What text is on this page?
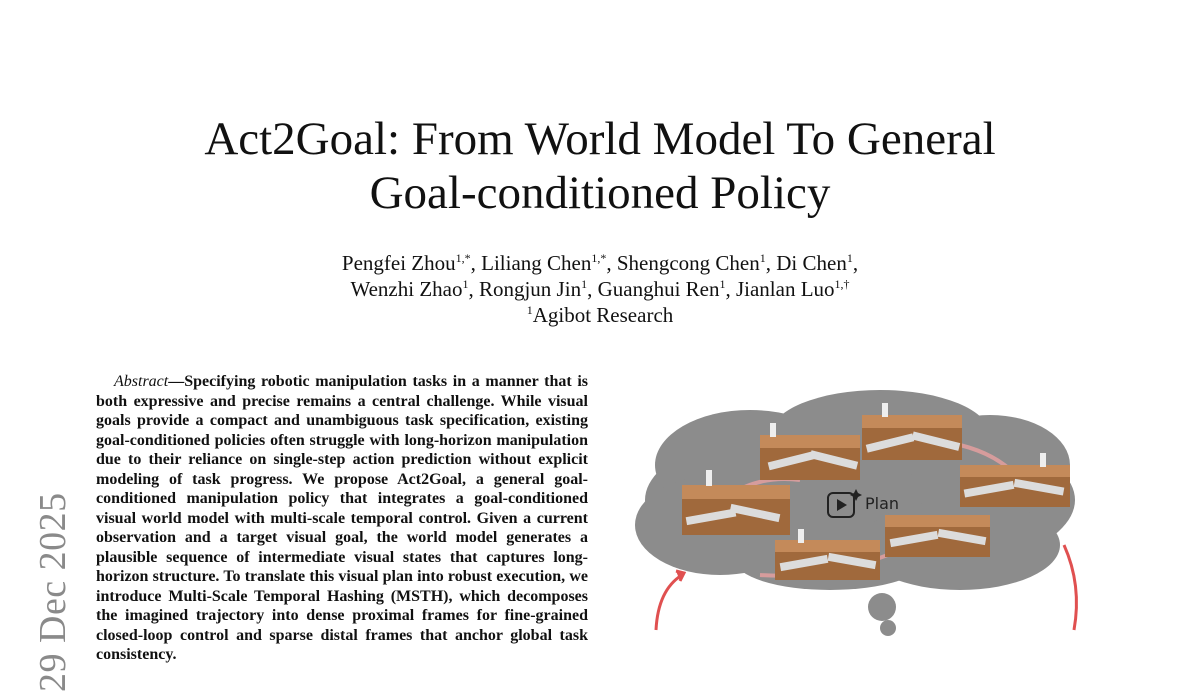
29 Dec 2025
Act2Goal: From World Model To General
Goal-conditioned Policy
Pengfei Zhou$^{1,*}$, Liliang Chen$^{1,*}$, Shengcong Chen$^1$, Di Chen$^1$,
Wenzhi Zhao$^1$, Rongjun Jin$^1$, Guanghui Ren$^1$, Jianlan Luo$^{1,\dagger}$
$^1$Agibot Research

Abstract—Specifying robotic manipulation tasks in a manner that is both expressive and precise remains a central challenge. While visual goals provide a compact and unambiguous task specification, existing goal-conditioned policies often struggle with long-horizon manipulation due to their reliance on single-step action prediction without explicit modeling of task progress. We propose Act2Goal, a general goal-conditioned manipulation policy that integrates a goal-conditioned visual world model with multi-scale temporal control. Given a current observation and a target visual goal, the world model generates a plausible sequence of intermediate visual states that captures long-horizon structure. To translate this visual plan into robust execution, we introduce Multi-Scale Temporal Hashing (MSTH), which decomposes the imagined trajectory into dense proximal frames for fine-grained closed-loop control and sparse distal frames that anchor global task consistency.

Plan
